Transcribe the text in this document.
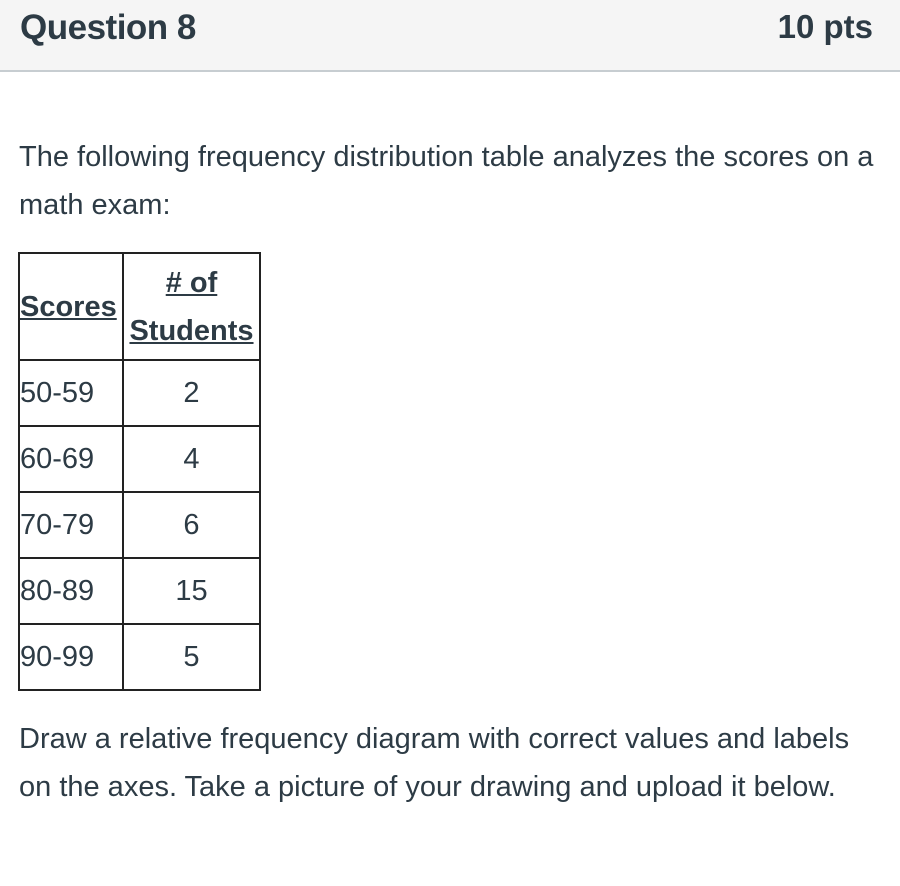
Question 8	10 pts
The following frequency distribution table analyzes the scores on a math exam:
Scores	# of
Students
50-59	2
60-69	4
70-79	6
80-89	15
90-99	5
Draw a relative frequency diagram with correct values and labels on the axes. Take a picture of your drawing and upload it below.
